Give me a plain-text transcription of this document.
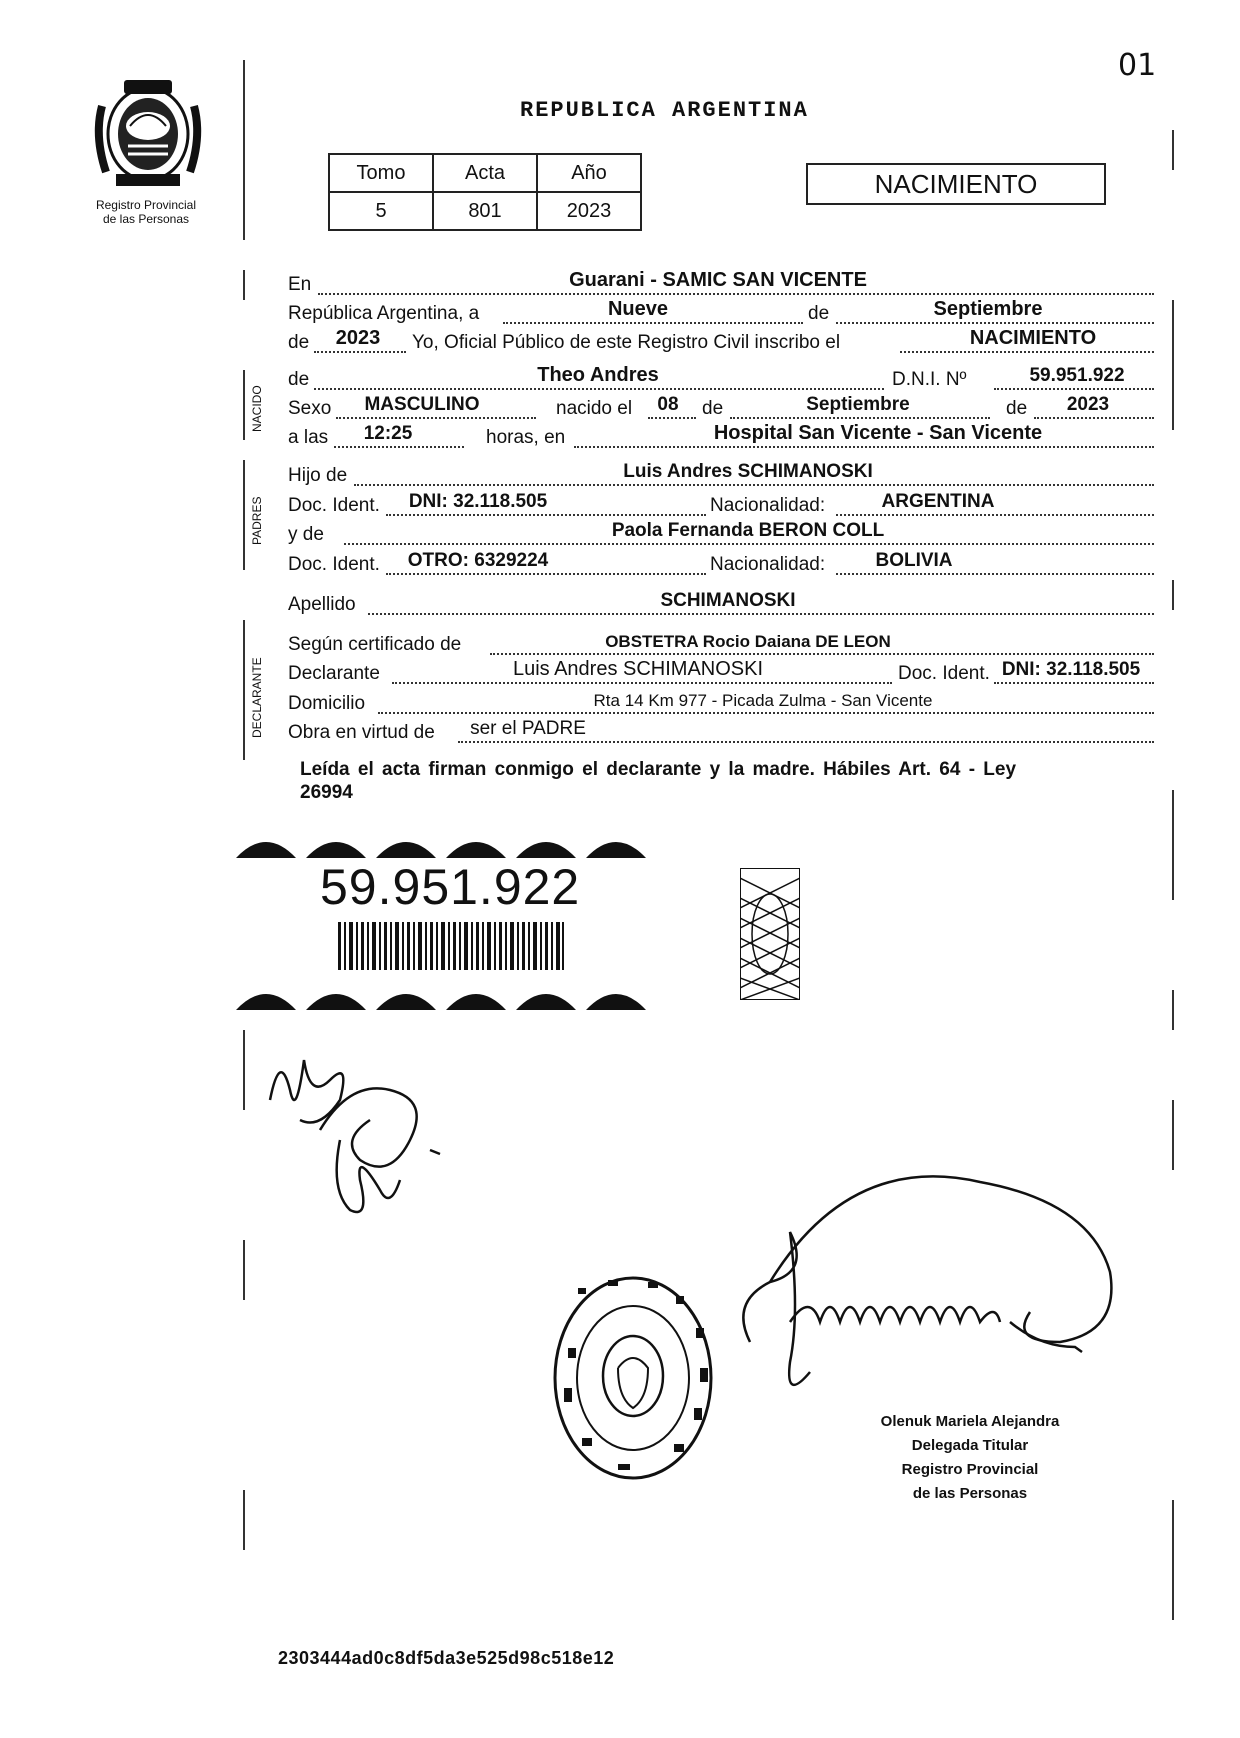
01
Registro Provincial
de las Personas
REPUBLICA ARGENTINA
Tomo	Acta	Año
5	801	2023
NACIMIENTO
En	Guarani - SAMIC SAN VICENTE
República Argentina, a	Nueve	de	Septiembre
de	2023	Yo, Oficial Público de este Registro Civil inscribo el	NACIMIENTO
de	Theo Andres	D.N.I. Nº	59.951.922
Sexo	MASCULINO	nacido el	08	de	Septiembre	de	2023
a las	12:25	horas, en	Hospital San Vicente - San Vicente
Hijo de	Luis Andres SCHIMANOSKI
Doc. Ident.	DNI: 32.118.505	Nacionalidad:	ARGENTINA
y de	Paola Fernanda BERON COLL
Doc. Ident.	OTRO: 6329224	Nacionalidad:	BOLIVIA
Apellido	SCHIMANOSKI
Según certificado de	OBSTETRA Rocio Daiana DE LEON
Declarante	Luis Andres SCHIMANOSKI	Doc. Ident. DNI: 32.118.505
Domicilio	Rta 14 Km 977 - Picada Zulma - San Vicente
Obra en virtud de	ser el PADRE
NACIDO
PADRES
DECLARANTE
Leída el acta firman conmigo el declarante y la madre. Hábiles Art. 64 - Ley
26994
59.951.922
Olenuk Mariela Alejandra
Delegada Titular
Registro Provincial
de las Personas
2303444ad0c8df5da3e525d98c518e12
